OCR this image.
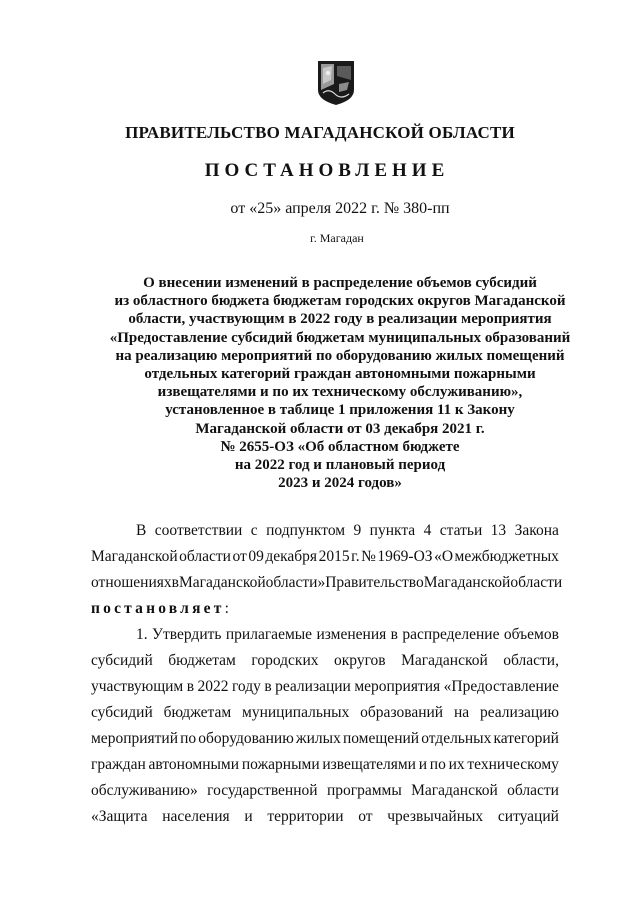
ПРАВИТЕЛЬСТВО МАГАДАНСКОЙ ОБЛАСТИ
ПОСТАНОВЛЕНИЕ
от «25» апреля 2022 г. № 380-пп
г. Магадан
О внесении изменений в распределение объемов субсидий
из областного бюджета бюджетам городских округов Магаданской
области, участвующим в 2022 году в реализации мероприятия
«Предоставление субсидий бюджетам муниципальных образований
на реализацию мероприятий по оборудованию жилых помещений
отдельных категорий граждан автономными пожарными
извещателями и по их техническому обслуживанию»,
установленное в таблице 1 приложения 11 к Закону
Магаданской области от 03 декабря 2021 г.
№ 2655-ОЗ «Об областном бюджете
на 2022 год и плановый период
2023 и 2024 годов»
В соответствии с подпунктом 9 пункта 4 статьи 13 Закона
Магаданской области от 09 декабря 2015 г. № 1969-ОЗ «О межбюджетных
отношениях в Магаданской области» Правительство Магаданской области
постановляет :
1. Утвердить прилагаемые изменения в распределение объемов
субсидий бюджетам городских округов Магаданской области,
участвующим в 2022 году в реализации мероприятия «Предоставление
субсидий бюджетам муниципальных образований на реализацию
мероприятий по оборудованию жилых помещений отдельных категорий
граждан автономными пожарными извещателями и по их техническому
обслуживанию» государственной программы Магаданской области
«Защита населения и территории от чрезвычайных ситуаций
